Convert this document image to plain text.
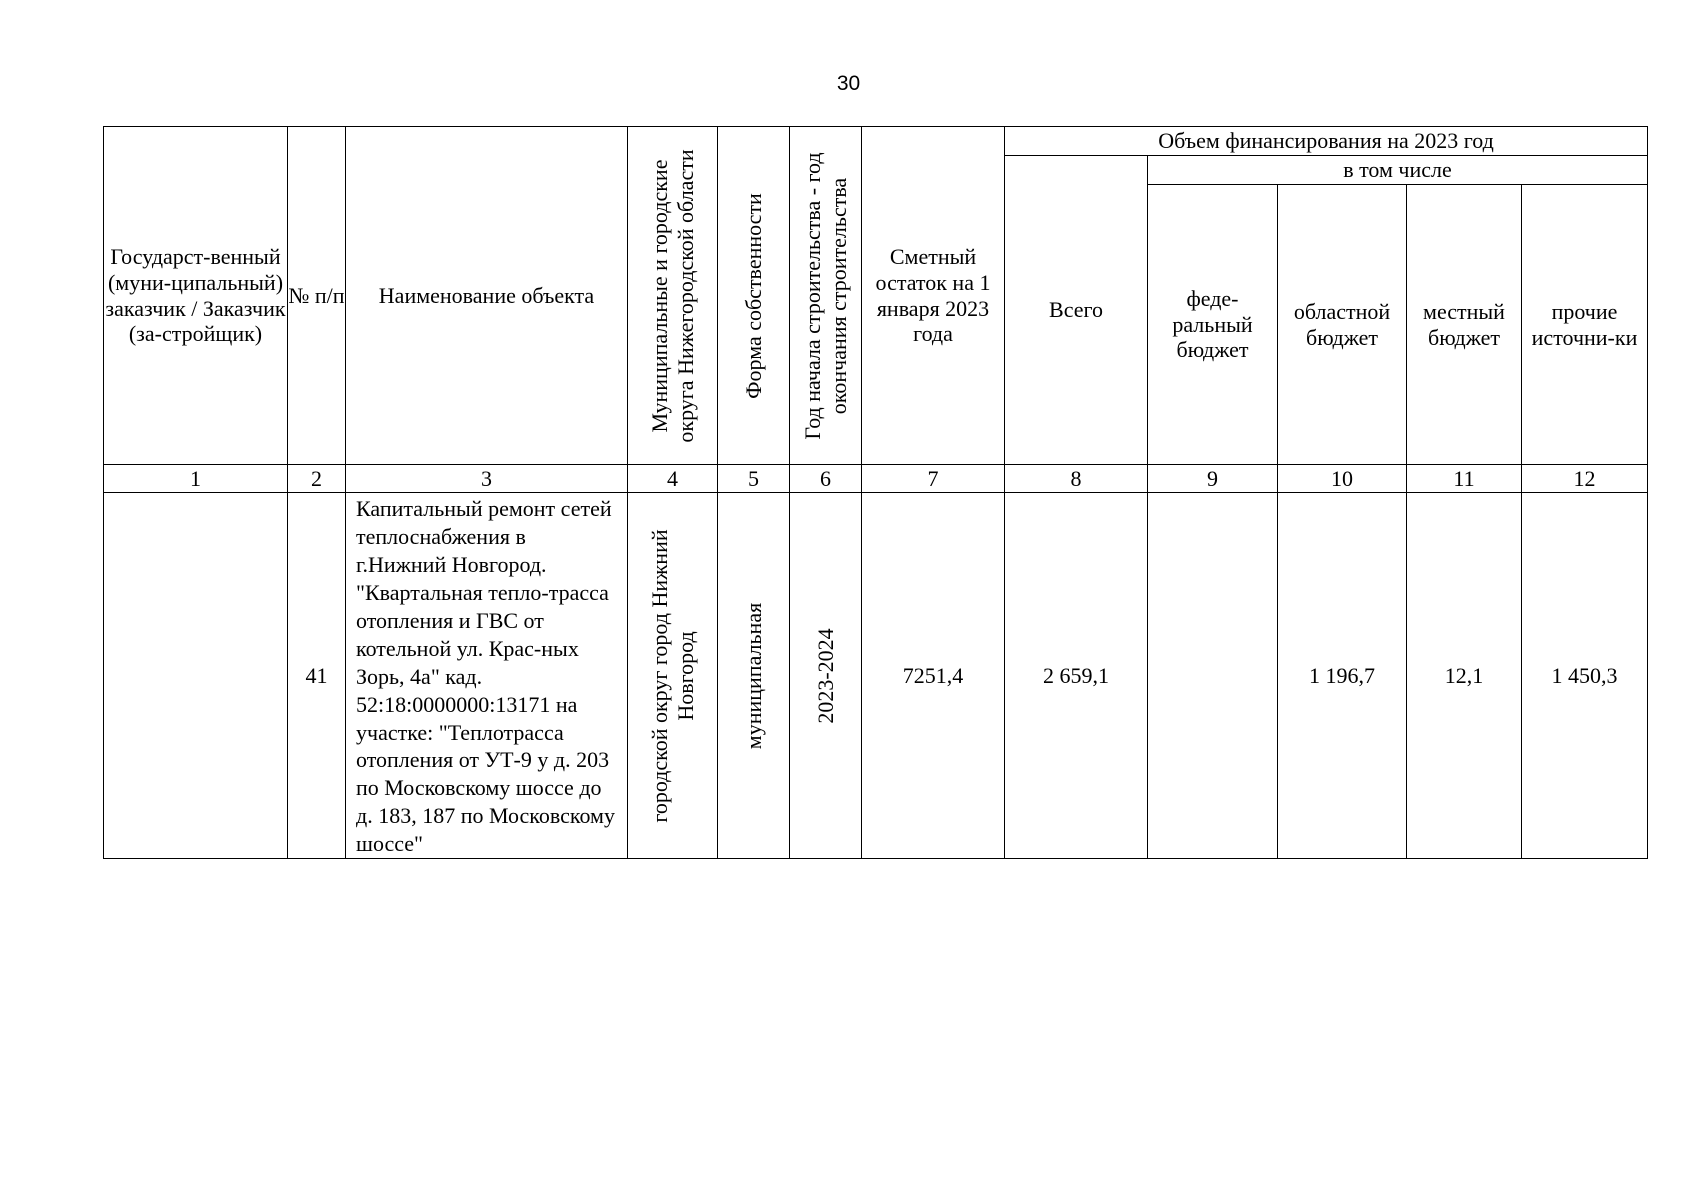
30
Государст-венный (муни-ципальный) заказчик / Заказчик (за-стройщик)	№ п/п	Наименование объекта	Муниципальные и городские округа Нижегородской области	Форма собственности	Год начала строительства - год окончания строительства	Сметный остаток на 1 января 2023 года	Объем финансирования на 2023 год				
							Всего	в том числе			
								феде-ральный бюджет	областной бюджет	местный бюджет	прочие источни-ки
1	2	3	4	5	6	7	8	9	10	11	12
	41	Капитальный ремонт сетей теплоснабжения в г.Нижний Новгород. "Квартальная тепло-трасса отопления и ГВС от котельной ул. Крас-ных Зорь, 4а" кад. 52:18:0000000:13171 на участке: "Теплотрасса отопления от УТ-9 у д. 203 по Московскому шоссе до д. 183, 187 по Московскому шоссе"	городской округ город Нижний Новгород	муниципальная	2023-2024	7251,4	2 659,1		1 196,7	12,1	1 450,3
